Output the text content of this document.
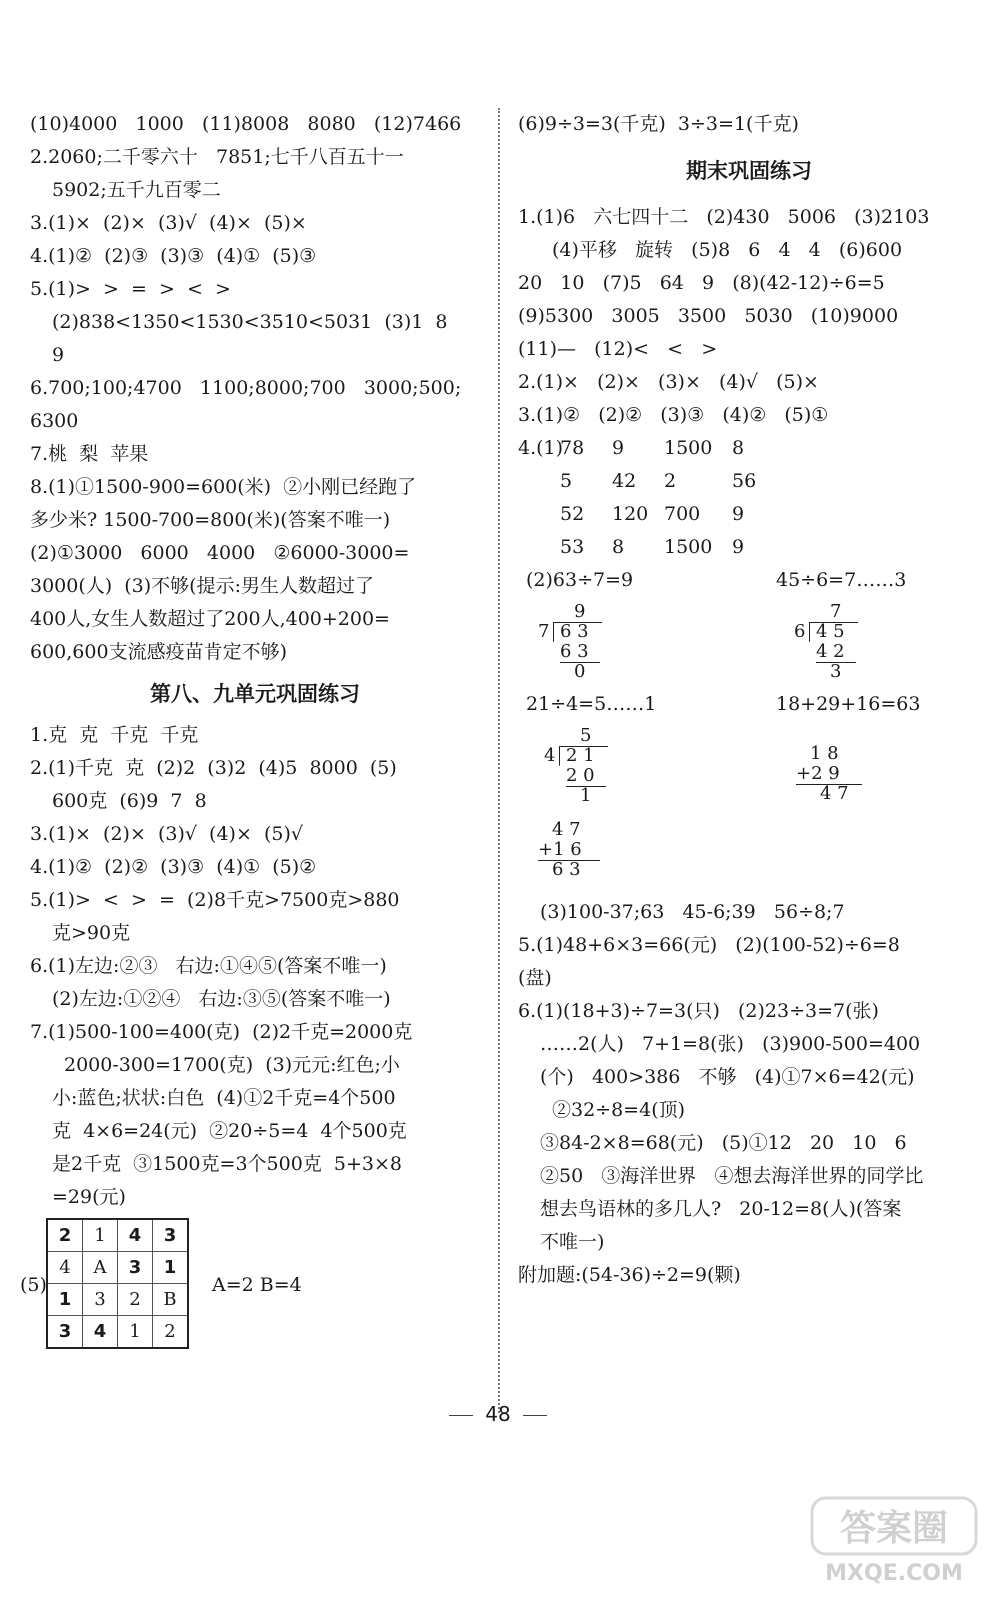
(10)4000   1000   (11)8008   8080   (12)7466
2.2060;二千零六十   7851;七千八百五十一
5902;五千九百零二
3.(1)×  (2)×  (3)√  (4)×  (5)×
4.(1)②  (2)③  (3)③  (4)①  (5)③
5.(1)>  >  =  >  <  >
(2)838<1350<1530<3510<5031  (3)1  8
9
6.700;100;4700   1100;8000;700   3000;500;
6300
7.桃  梨  苹果
8.(1)①1500-900=600(米)  ②小刚已经跑了
多少米? 1500-700=800(米)(答案不唯一)
(2)①3000   6000   4000   ②6000-3000=
3000(人)  (3)不够(提示:男生人数超过了
400人,女生人数超过了200人,400+200=
600,600支流感疫苗肯定不够)
第八、九单元巩固练习
1.克  克  千克  千克
2.(1)千克  克  (2)2  (3)2  (4)5  8000  (5)
600克  (6)9  7  8
3.(1)×  (2)×  (3)√  (4)×  (5)√
4.(1)②  (2)②  (3)③  (4)①  (5)②
5.(1)>  <  >  =  (2)8千克>7500克>880
克>90克
6.(1)左边:②③   右边:①④⑤(答案不唯一)
(2)左边:①②④   右边:③⑤(答案不唯一)
7.(1)500-100=400(克)  (2)2千克=2000克
2000-300=1700(克)  (3)元元:红色;小
小:蓝色;状状:白色  (4)①2千克=4个500
克  4×6=24(元)  ②20÷5=4  4个500克
是2千克  ③1500克=3个500克  5+3×8
=29(元)
(5)
2	1	4	3
4	A	3	1
1	3	2	B
3	4	1	2
A=2 B=4
(6)9÷3=3(千克)  3÷3=1(千克)
期末巩固练习
1.(1)6   六七四十二   (2)430   5006   (3)2103
(4)平移   旋转   (5)8   6   4   4   (6)600
20   10   (7)5   64   9   (8)(42-12)÷6=5
(9)5300   3005   3500   5030   (10)9000
(11)—   (12)<   <   >
2.(1)×   (2)×   (3)×   (4)√   (5)×
3.(1)②   (2)②   (3)③   (4)②   (5)①
4.(1)
78 9 1500 8
5 42 2	56
52 120 700 9
53 8 1500 9
(2)63÷7=9	45÷6=7……3
9
7 6 3
6 3
0
7
6 4 5
4 2
3
21÷4=5……1	18+29+16=63
5
4 2 1
2 0
1
1 8
+2 9
4 7
4 7
+1 6
6 3
(3)100-37;63   45-6;39   56÷8;7
5.(1)48+6×3=66(元)   (2)(100-52)÷6=8
(盘)
6.(1)(18+3)÷7=3(只)   (2)23÷3=7(张)
……2(人)   7+1=8(张)   (3)900-500=400
(个)   400>386   不够   (4)①7×6=42(元)
②32÷8=4(顶)
③84-2×8=68(元)   (5)①12   20   10   6
②50   ③海洋世界   ④想去海洋世界的同学比
想去鸟语林的多几人?   20-12=8(人)(答案
不唯一)
附加题:(54-36)÷2=9(颗)
48
答案圈
MXQE.COM
